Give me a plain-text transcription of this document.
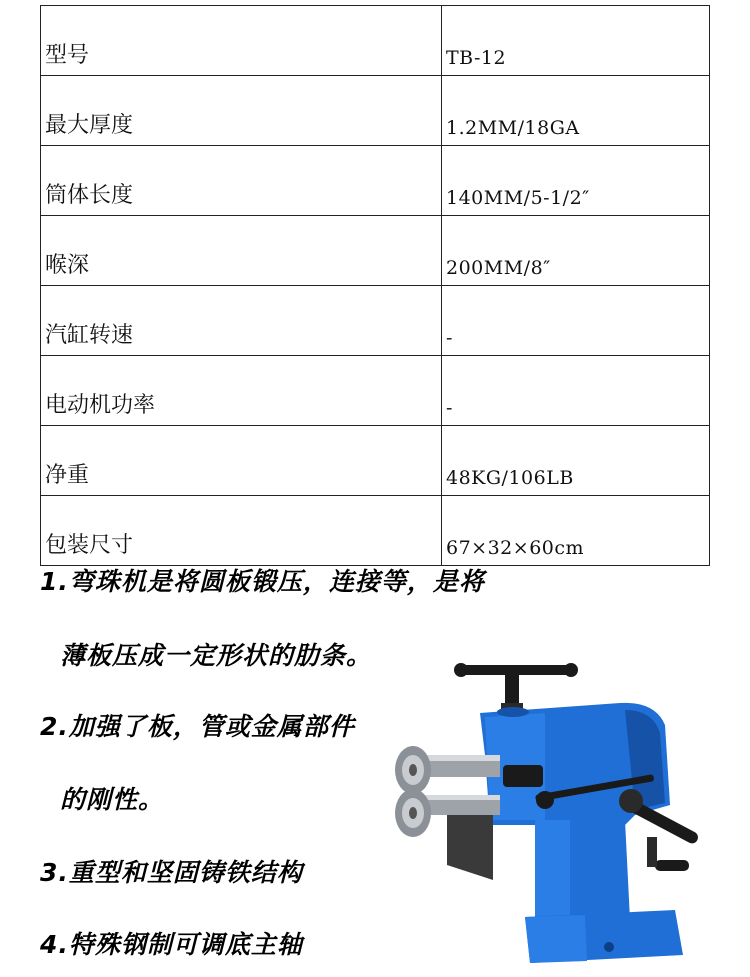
型号	TB-12
最大厚度	1.2MM/18GA
筒体长度	140MM/5-1/2″
喉深	200MM/8″
汽缸转速	-
电动机功率	-
净重	48KG/106LB
包装尺寸	67×32×60cm
1.弯珠机是将圆板锻压，连接等，是将
薄板压成一定形状的肋条。
2.加强了板，管或金属部件
的刚性。
3.重型和坚固铸铁结构
4.特殊钢制可调底主轴
